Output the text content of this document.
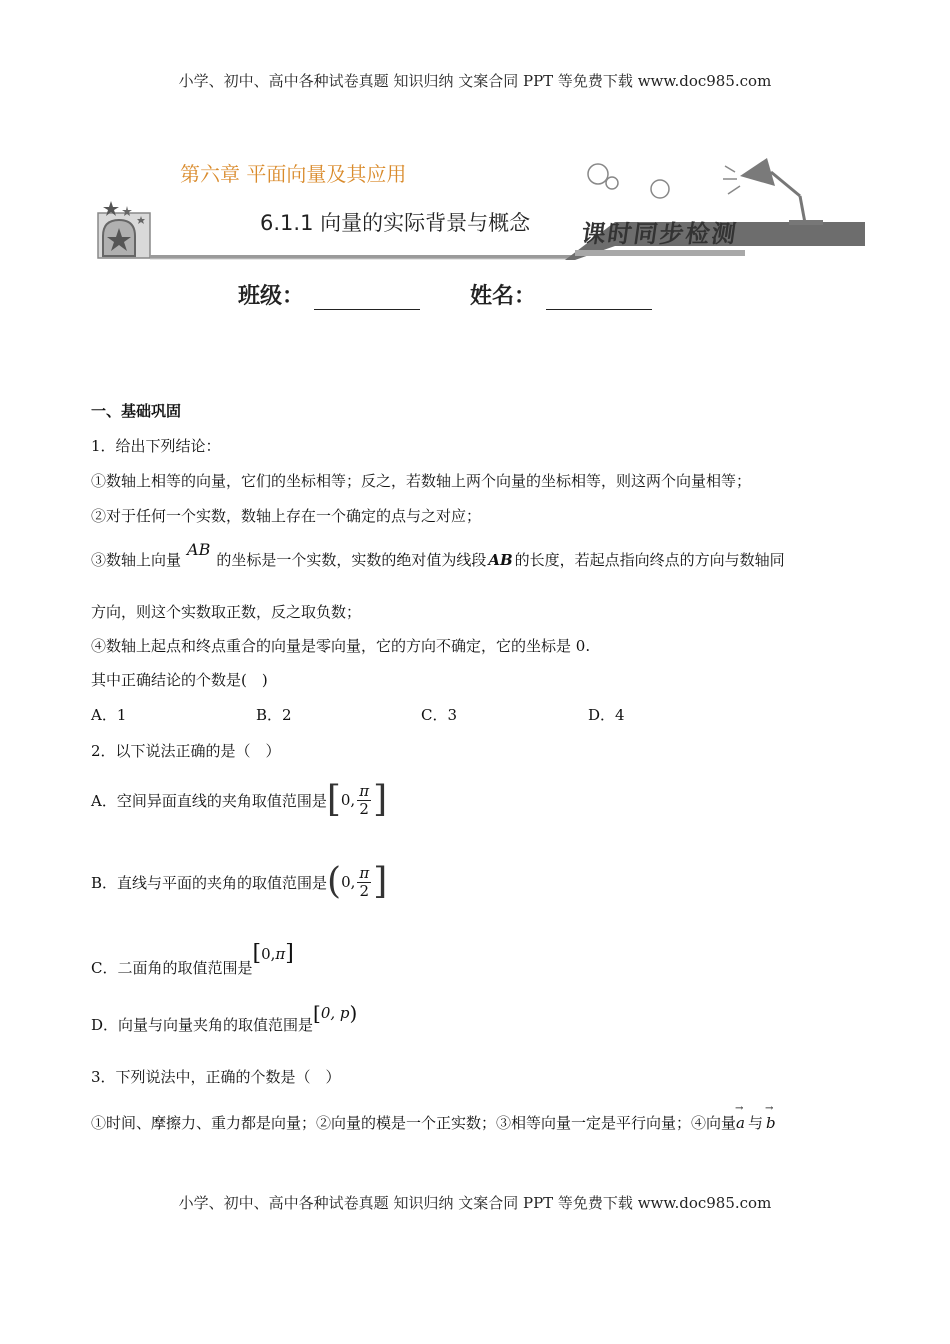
小学、初中、高中各种试卷真题 知识归纳 文案合同 PPT 等免费下载 www.doc985.com
第六章 平面向量及其应用
6.1.1 向量的实际背景与概念 课时同步检测
班级：	姓名：
一、基础巩固
1．给出下列结论：
①数轴上相等的向量，它们的坐标相等；反之，若数轴上两个向量的坐标相等，则这两个向量相等；
②对于任何一个实数，数轴上存在一个确定的点与之对应；
③数轴上向量AB的坐标是一个实数，实数的绝对值为线段 AB 的长度，若起点指向终点的方向与数轴同
方向，则这个实数取正数，反之取负数；
④数轴上起点和终点重合的向量是零向量，它的方向不确定，它的坐标是 0.
其中正确结论的个数是(　)
A．1	B．2	C．3	D．4
2．以下说法正确的是（　）
A．空间异面直线的夹角取值范围是 [ 0, $\frac{\pi}{2}$ ]
B．直线与平面的夹角的取值范围是 ( 0, $\frac{\pi}{2}$ ]
C．二面角的取值范围是
[ 0, π ]
D．向量与向量夹角的取值范围是 [ 0, p )
3．下列说法中，正确的个数是（　）
①时间、摩擦力、重力都是向量；②向量的模是一个正实数；③相等向量一定是平行向量；④向量→ a 与→ b
小学、初中、高中各种试卷真题 知识归纳 文案合同 PPT 等免费下载 www.doc985.com
